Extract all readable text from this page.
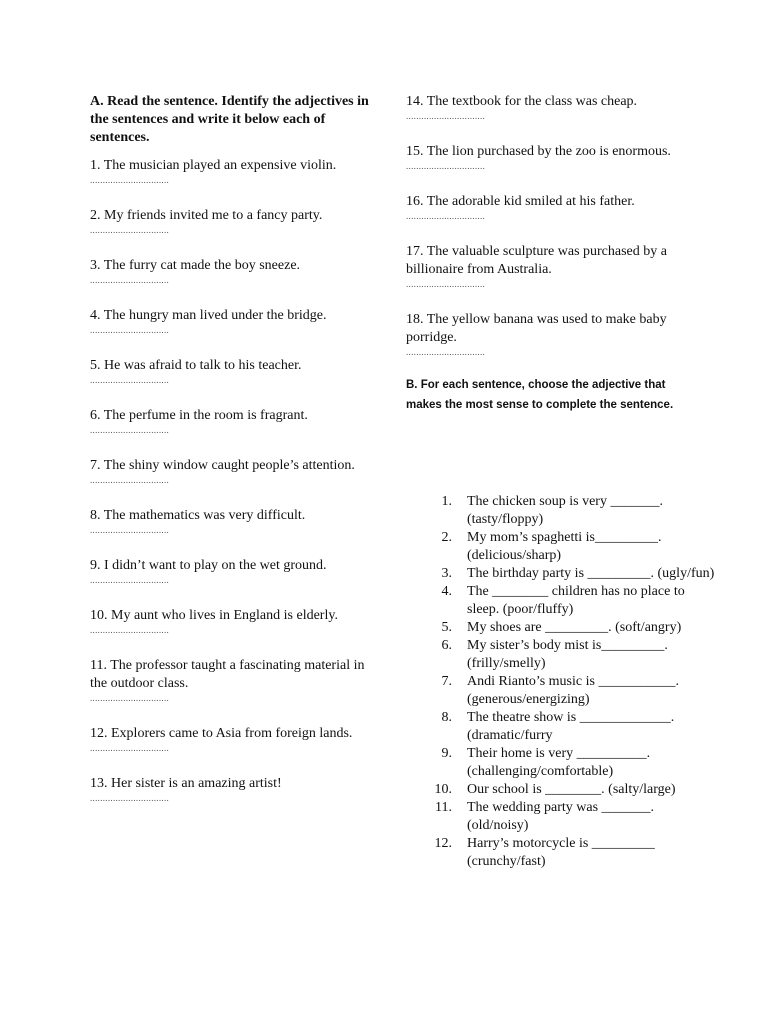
A. Read the sentence. Identify the adjectives in the sentences and write it below each of sentences.

1. The musician played an expensive violin.
...............................
2. My friends invited me to a fancy party.
...............................
3. The furry cat made the boy sneeze.
...............................
4. The hungry man lived under the bridge.
...............................
5. He was afraid to talk to his teacher.
...............................
6. The perfume in the room is fragrant.
...............................
7. The shiny window caught people’s attention.
...............................
8. The mathematics was very difficult.
...............................
9. I didn’t want to play on the wet ground.
...............................
10. My aunt who lives in England is elderly.
...............................
11. The professor taught a fascinating material in the outdoor class.
...............................
12. Explorers came to Asia from foreign lands.
...............................
13. Her sister is an amazing artist!
...............................
14. The textbook for the class was cheap.
...............................
15. The lion purchased by the zoo is enormous.
...............................
16. The adorable kid smiled at his father.
...............................
17. The valuable sculpture was purchased by a billionaire from Australia.
...............................
18. The yellow banana was used to make baby porridge.
...............................

B. For each sentence, choose the adjective that makes the most sense to complete the sentence.

1.	The chicken soup is very _______. (tasty/floppy)
2.	My mom’s spaghetti is_________. (delicious/sharp)
3.	The birthday party is _________. (ugly/fun)
4.	The ________ children has no place to sleep. (poor/fluffy)
5.	My shoes are _________. (soft/angry)
6.	My sister’s body mist is_________. (frilly/smelly)
7.	Andi Rianto’s music is ___________. (generous/energizing)
8.	The theatre show is _____________.(dramatic/furry
9.	Their home is very __________. (challenging/comfortable)
10.	Our school is ________. (salty/large)
11.	The wedding party was _______. (old/noisy)
12.	Harry’s motorcycle is _________ (crunchy/fast)
